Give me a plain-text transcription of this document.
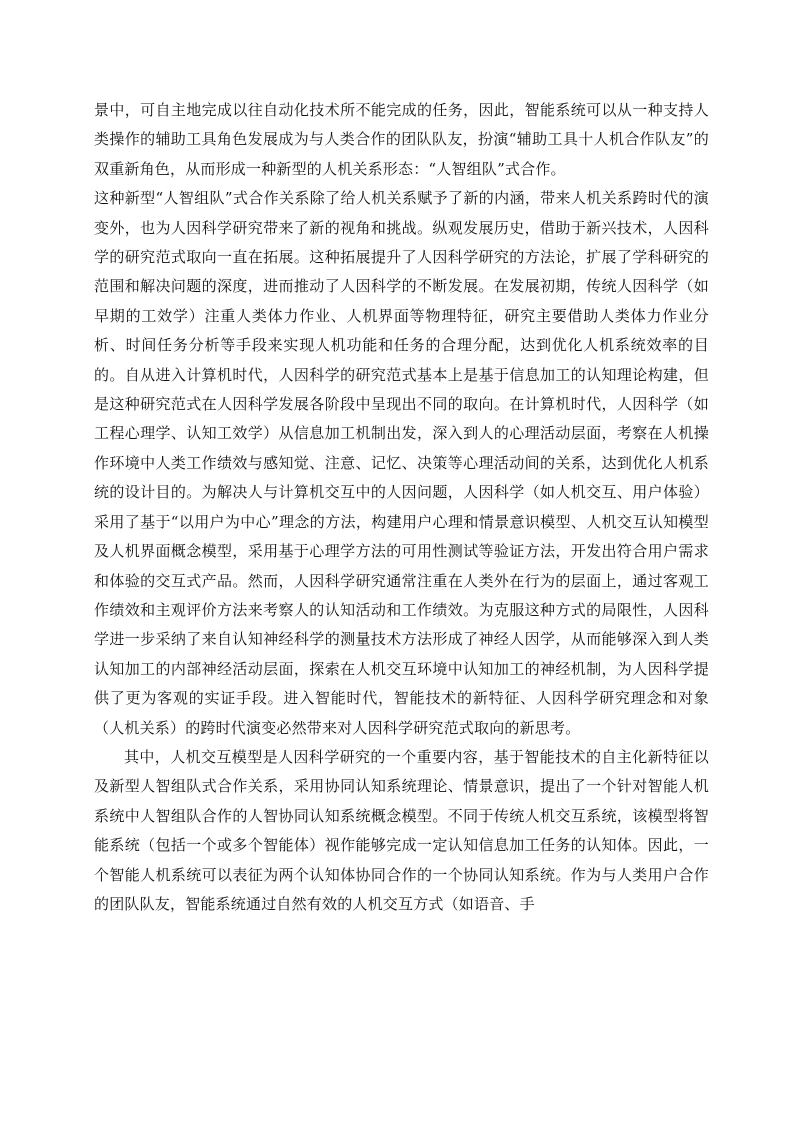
景中，可自主地完成以往自动化技术所不能完成的任务，因此，智能系统可以从一种支持人类操作的辅助工具角色发展成为与人类合作的团队队友，扮演“辅助工具十人机合作队友”的双重新角色，从而形成一种新型的人机关系形态：“人智组队”式合作。

这种新型“人智组队”式合作关系除了给人机关系赋予了新的内涵，带来人机关系跨时代的演变外，也为人因科学研究带来了新的视角和挑战。纵观发展历史，借助于新兴技术，人因科学的研究范式取向一直在拓展。这种拓展提升了人因科学研究的方法论，扩展了学科研究的范围和解决问题的深度，进而推动了人因科学的不断发展。在发展初期，传统人因科学（如早期的工效学）注重人类体力作业、人机界面等物理特征，研究主要借助人类体力作业分析、时间任务分析等手段来实现人机功能和任务的合理分配，达到优化人机系统效率的目的。自从进入计算机时代，人因科学的研究范式基本上是基于信息加工的认知理论构建，但是这种研究范式在人因科学发展各阶段中呈现出不同的取向。在计算机时代，人因科学（如工程心理学、认知工效学）从信息加工机制出发，深入到人的心理活动层面，考察在人机操作环境中人类工作绩效与感知觉、注意、记忆、决策等心理活动间的关系，达到优化人机系统的设计目的。为解决人与计算机交互中的人因问题，人因科学（如人机交互、用户体验）采用了基于“以用户为中心”理念的方法，构建用户心理和情景意识模型、人机交互认知模型及人机界面概念模型，采用基于心理学方法的可用性测试等验证方法，开发出符合用户需求和体验的交互式产品。然而，人因科学研究通常注重在人类外在行为的层面上，通过客观工作绩效和主观评价方法来考察人的认知活动和工作绩效。为克服这种方式的局限性，人因科学进一步采纳了来自认知神经科学的测量技术方法形成了神经人因学，从而能够深入到人类认知加工的内部神经活动层面，探索在人机交互环境中认知加工的神经机制，为人因科学提供了更为客观的实证手段。进入智能时代，智能技术的新特征、人因科学研究理念和对象（人机关系）的跨时代演变必然带来对人因科学研究范式取向的新思考。

其中，人机交互模型是人因科学研究的一个重要内容，基于智能技术的自主化新特征以及新型人智组队式合作关系，采用协同认知系统理论、情景意识，提出了一个针对智能人机系统中人智组队合作的人智协同认知系统概念模型。不同于传统人机交互系统，该模型将智能系统（包括一个或多个智能体）视作能够完成一定认知信息加工任务的认知体。因此，一个智能人机系统可以表征为两个认知体协同合作的一个协同认知系统。作为与人类用户合作的团队队友，智能系统通过自然有效的人机交互方式（如语音、手
